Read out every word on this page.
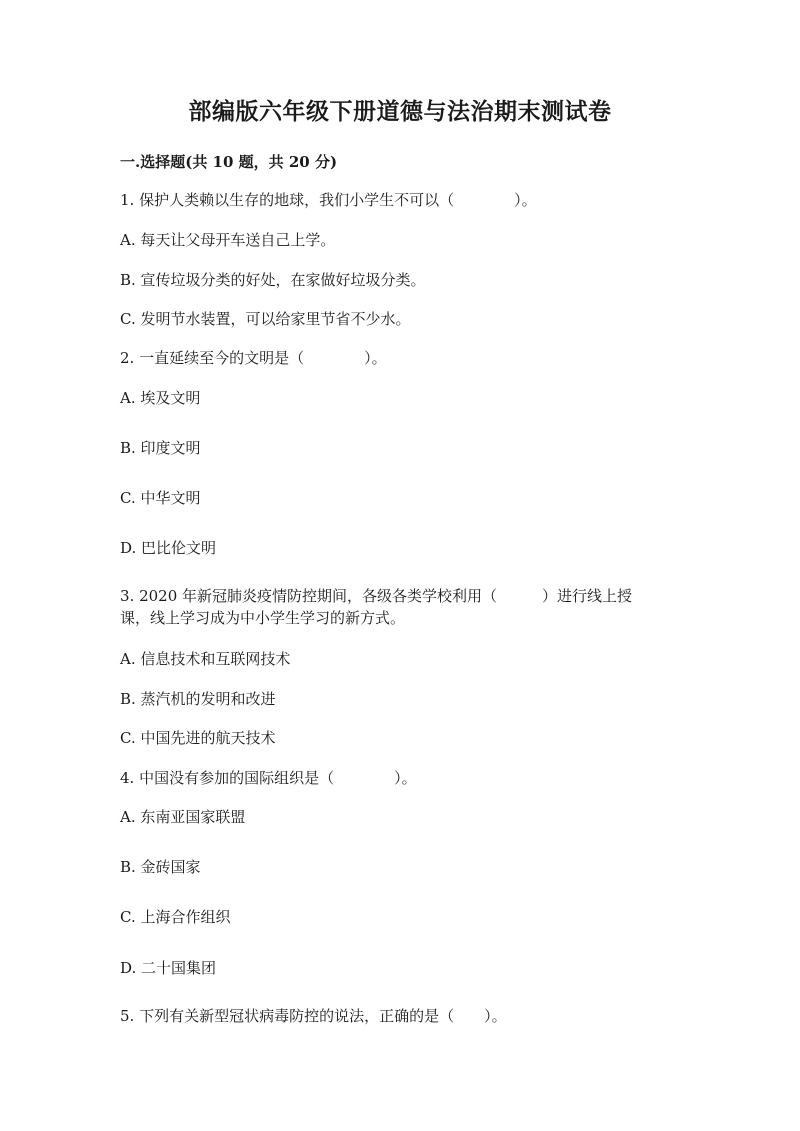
部编版六年级下册道德与法治期末测试卷
一.选择题(共 10 题，共 20 分)
1. 保护人类赖以生存的地球，我们小学生不可以（　　　　）。
A. 每天让父母开车送自己上学。
B. 宣传垃圾分类的好处，在家做好垃圾分类。
C. 发明节水装置，可以给家里节省不少水。
2. 一直延续至今的文明是（　　　　）。
A. 埃及文明
B. 印度文明
C. 中华文明
D. 巴比伦文明
3. 2020 年新冠肺炎疫情防控期间，各级各类学校利用（　　　）进行线上授课，线上学习成为中小学生学习的新方式。
A. 信息技术和互联网技术
B. 蒸汽机的发明和改进
C. 中国先进的航天技术
4. 中国没有参加的国际组织是（　　　　）。
A. 东南亚国家联盟
B. 金砖国家
C. 上海合作组织
D. 二十国集团
5. 下列有关新型冠状病毒防控的说法，正确的是（　　）。
